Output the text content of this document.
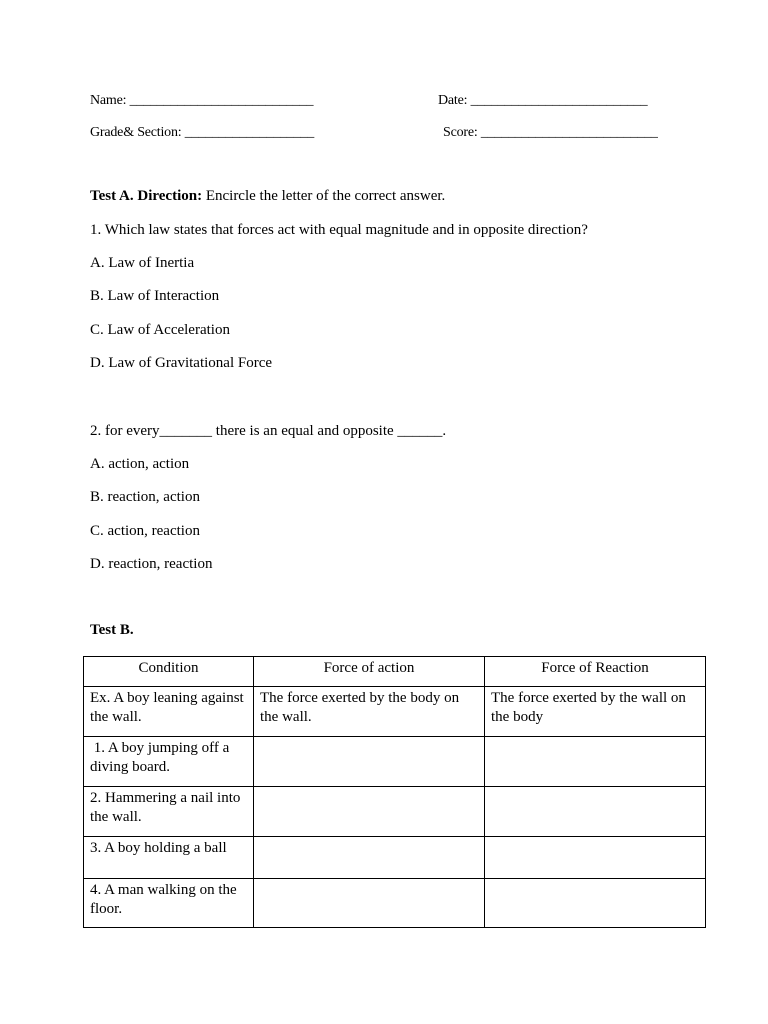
Name: ___________________________	Date: __________________________
Grade& Section: ___________________	Score: __________________________
Test A. Direction: Encircle the letter of the correct answer.
1. Which law states that forces act with equal magnitude and in opposite direction?
A. Law of Inertia
B. Law of Interaction
C. Law of Acceleration
D. Law of Gravitational Force
2. for every_______ there is an equal and opposite ______.
A. action, action
B. reaction, action
C. action, reaction
D. reaction, reaction
Test B.
Condition	Force of action	Force of Reaction
Ex. A boy leaning against the wall.	The force exerted by the body on the wall.	The force exerted by the wall on the body
1. A boy jumping off a diving board.		
2. Hammering a nail into the wall.		
3. A boy holding a ball		
4. A man walking on the floor.		
